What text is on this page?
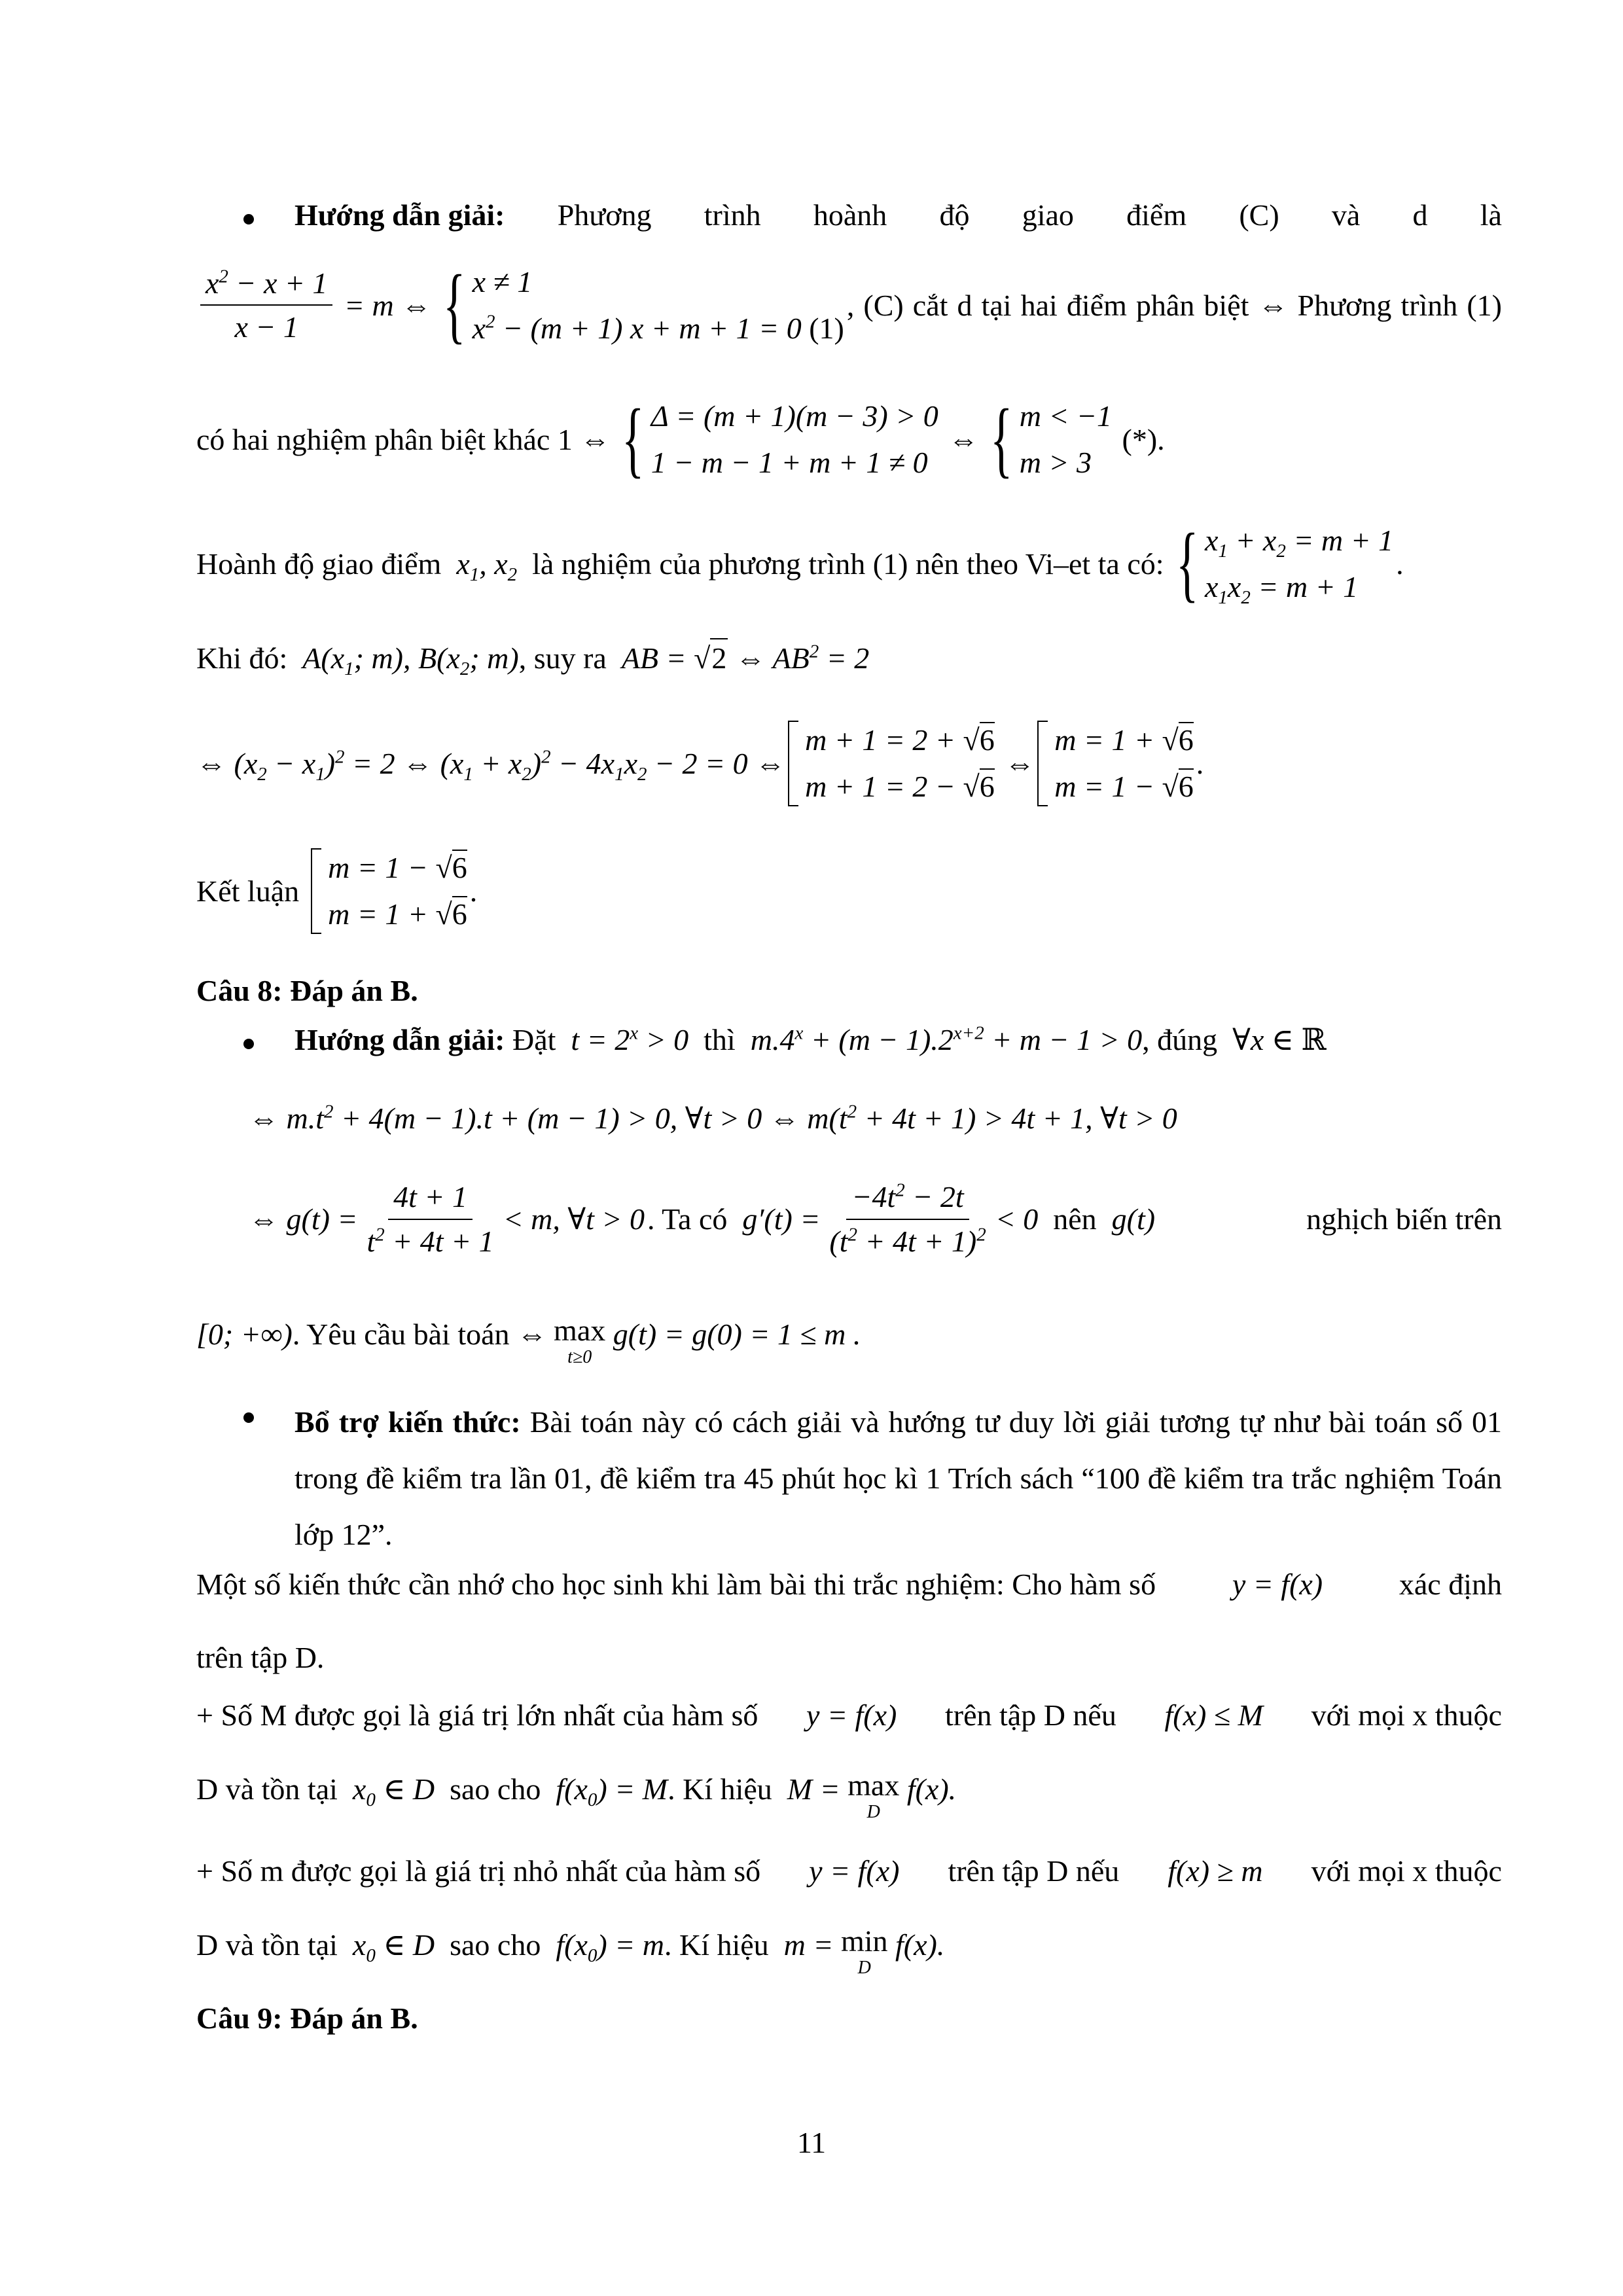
Hướng dẫn giải: Phương trình hoành độ giao điểm (C) và d là
$\frac{x^2 - x + 1}{x - 1} = m$ ⇔ { x ≠ 1
$x^2 - (m + 1) x + m + 1 = 0$ (1)
, (C) cắt d tại hai điểm phân biệt ⇔ Phương trình (1)
có hai nghiệm phân biệt khác 1 ⇔ { Δ = (m + 1)(m − 3) > 0
1 − m − 1 + m + 1 ≠ 0
⇔ { m < −1
m > 3
(*).
Hoành độ giao điểm $x_1$, $x_2$ là nghiệm của phương trình (1) nên theo Vi–et ta có: { $x_1 + x_2 = m + 1$
$x_1x_2 = m + 1$
.
Khi đó:  $A(x_1$; m), $B(x_2$; m), suy ra  AB = √ 2 ⇔ $AB^2 = 2$
⇔ $(x_2 - x_1)^2 = 2$ ⇔ $(x_1 + x_2)^2 - 4x_1x_2 - 2 = 0$ ⇔
m + 1 = 2 + √6
m + 1 = 2 − √6
⇔
m = 1 + √6
m = 1 − √6
.
Kết luận
m = 1 − √6
m = 1 + √6
.
Câu 8: Đáp án B.
Hướng dẫn giải: Đặt  $t = 2^x > 0$  thì  $m.4^x + (m - 1).2^{x+2} + m - 1 > 0$, đúng  ∀x ∈ ℝ
⇔ $m.t^2 + 4(m - 1).t + (m - 1) > 0$, ∀t > 0 ⇔ $m(t^2 + 4t + 1) > 4t + 1$, ∀t > 0
⇔ $g(t) = \frac{4t + 1}{t^2 + 4t + 1} < m$, ∀t > 0 . Ta có $g'(t) = \frac{-4t^2 - 2t}{(t^2 + 4t + 1)^2} < 0$ nên g(t)	nghịch biến trên
[0; +∞) . Yêu cầu bài toán ⇔ max
t≥0
g(t) = g(0) = 1 ≤ m .
Bổ trợ kiến thức: Bài toán này có cách giải và hướng tư duy lời giải tương tự như bài toán số 01 trong đề kiểm tra lần 01, đề kiểm tra 45 phút học kì 1 Trích sách “100 đề kiểm tra trắc nghiệm Toán lớp 12”.
Một số kiến thức cần nhớ cho học sinh khi làm bài thi trắc nghiệm: Cho hàm số	y = f(x)	xác định
trên tập D.
+ Số M được gọi là giá trị lớn nhất của hàm số y = f(x) trên tập D nếu f(x) ≤ M với mọi x thuộc
D và tồn tại $x_0$ ∈ D sao cho $f(x_0) = M$ . Kí hiệu M = max
D
f(x).
+ Số m được gọi là giá trị nhỏ nhất của hàm số y = f(x) trên tập D nếu f(x) ≥ m với mọi x thuộc
D và tồn tại $x_0$ ∈ D sao cho $f(x_0) = m$ . Kí hiệu m = min
D
f(x).
Câu 9: Đáp án B.
11
